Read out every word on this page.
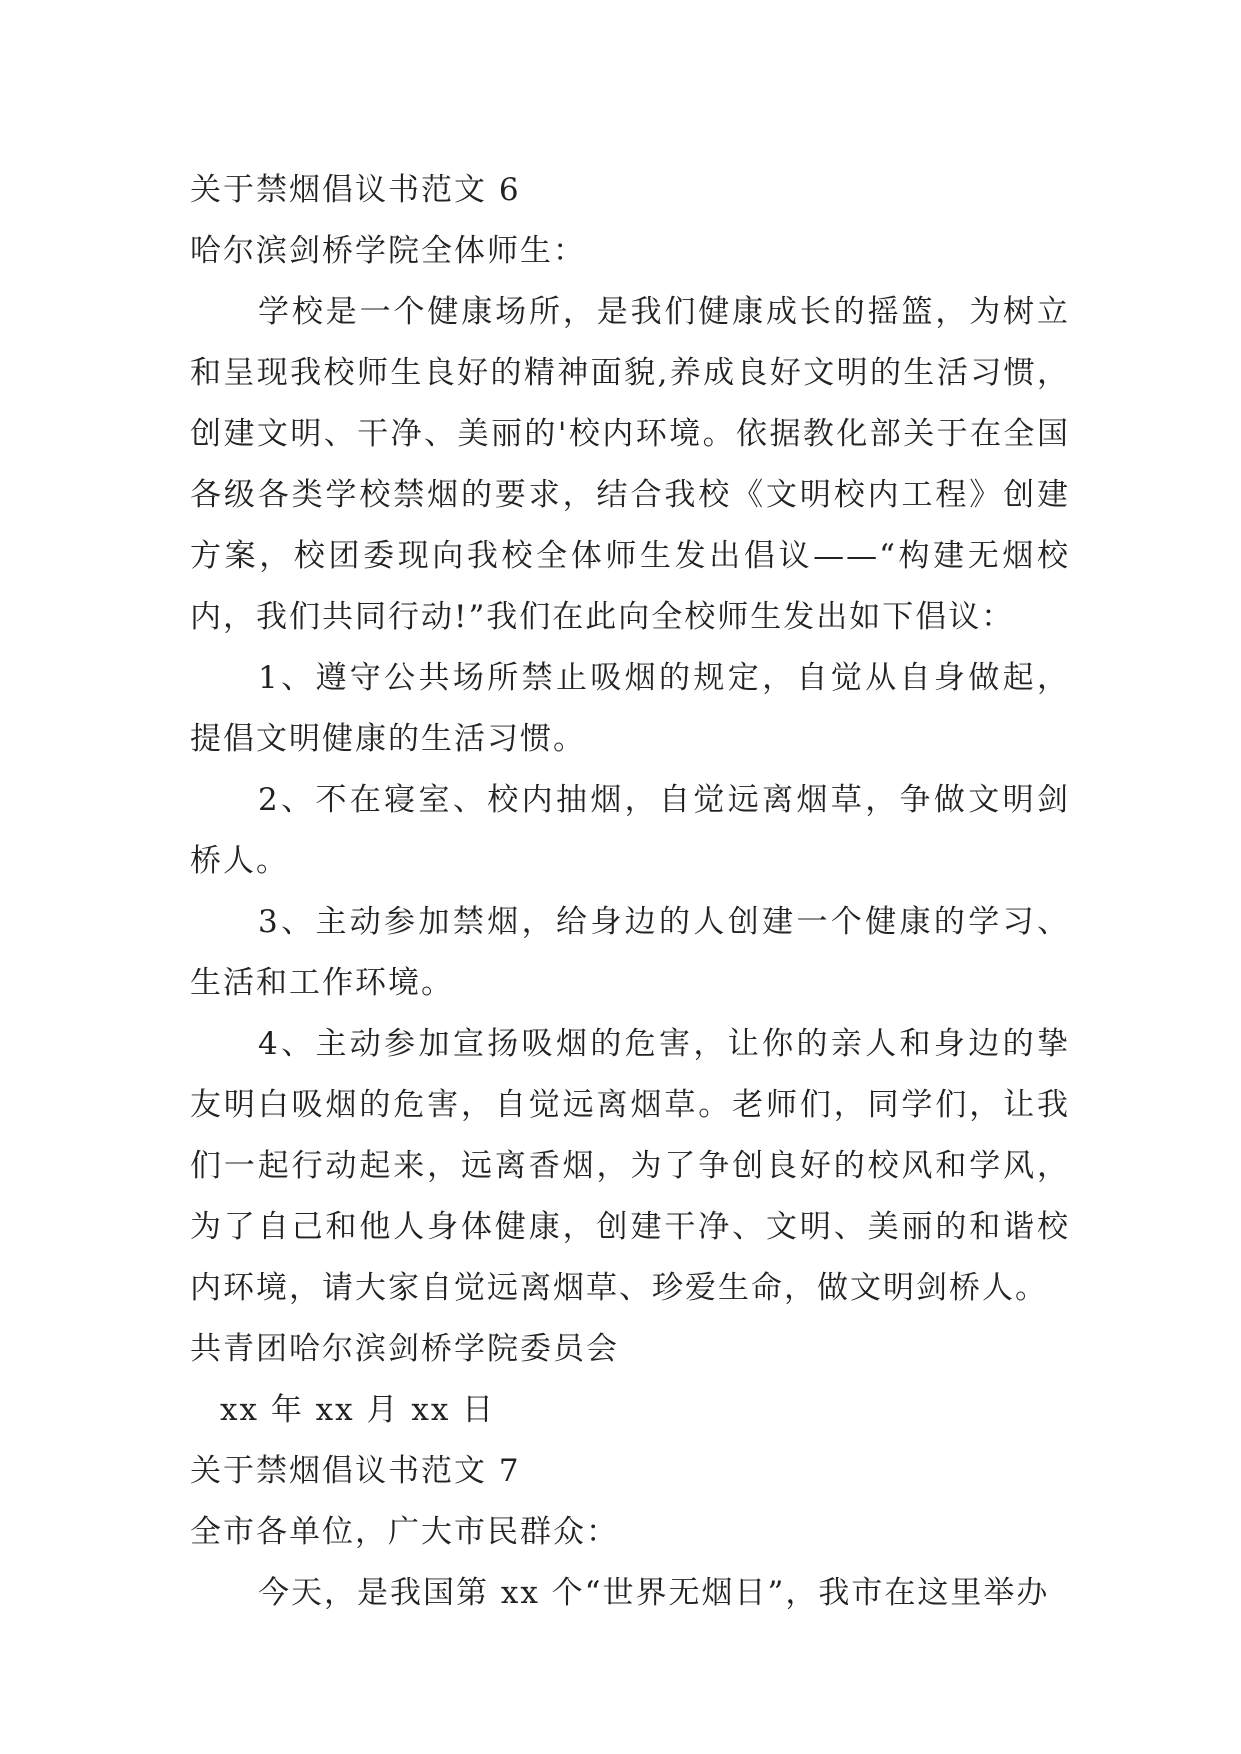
关于禁烟倡议书范文 6
哈尔滨剑桥学院全体师生：

学校是一个健康场所，是我们健康成长的摇篮，为树立和呈现我校师生良好的精神面貌,养成良好文明的生活习惯，创建文明、干净、美丽的'校内环境。依据教化部关于在全国各级各类学校禁烟的要求，结合我校《文明校内工程》创建方案，校团委现向我校全体师生发出倡议——“构建无烟校内，我们共同行动!”我们在此向全校师生发出如下倡议：

1、遵守公共场所禁止吸烟的规定，自觉从自身做起，提倡文明健康的生活习惯。

2、不在寝室、校内抽烟，自觉远离烟草，争做文明剑桥人。

3、主动参加禁烟，给身边的人创建一个健康的学习、生活和工作环境。

4、主动参加宣扬吸烟的危害，让你的亲人和身边的挚友明白吸烟的危害，自觉远离烟草。老师们，同学们，让我们一起行动起来，远离香烟，为了争创良好的校风和学风，为了自己和他人身体健康，创建干净、文明、美丽的和谐校内环境，请大家自觉远离烟草、珍爱生命，做文明剑桥人。

共青团哈尔滨剑桥学院委员会
xx 年 xx 月 xx 日
关于禁烟倡议书范文 7
全市各单位，广大市民群众：

今天，是我国第 xx 个“世界无烟日”，我市在这里举办
